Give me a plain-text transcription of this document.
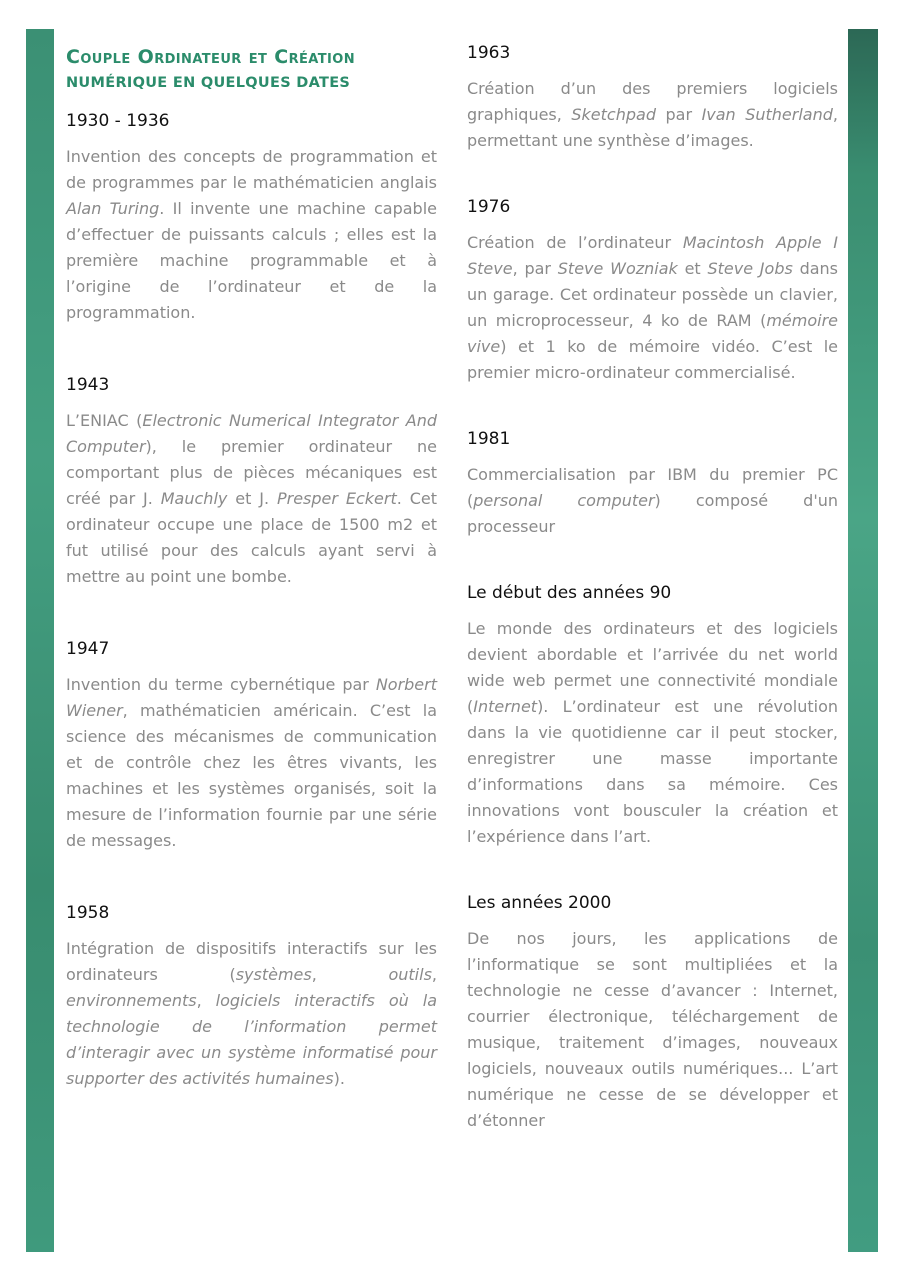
Couple Ordinateur et Création
NUMÉRIQUE EN QUELQUES DATES
1930 - 1936

Invention des concepts de programmation et de programmes par le mathématicien anglais Alan Turing. Il invente une machine capable d’effectuer de puissants calculs ; elles est la première machine programmable et à l’origine de l’ordinateur et de la programmation.

1943

L’ENIAC (Electronic Numerical Integrator And Computer), le premier ordinateur ne comportant plus de pièces mécaniques est créé par J. Mauchly et J. Presper Eckert. Cet ordinateur occupe une place de 1500 m2 et fut utilisé pour des calculs ayant servi à mettre au point une bombe.

1947

Invention du terme cybernétique par Norbert Wiener, mathématicien américain. C’est la science des mécanismes de communication et de contrôle chez les êtres vivants, les machines et les systèmes organisés, soit la mesure de l’information fournie par une série de messages.

1958

Intégration de dispositifs interactifs sur les ordinateurs (systèmes, outils, environnements, logiciels interactifs où la technologie de l’information permet d’interagir avec un système informatisé pour supporter des activités humaines).

1963

Création d’un des premiers logiciels graphiques, Sketchpad par Ivan Sutherland, permettant une synthèse d’images.

1976

Création de l’ordinateur Macintosh Apple I Steve, par Steve Wozniak et Steve Jobs dans un garage. Cet ordinateur possède un clavier, un microprocesseur, 4 ko de RAM (mémoire vive) et 1 ko de mémoire vidéo. C’est le premier micro-ordinateur commercialisé.

1981

Commercialisation par IBM du premier PC (personal computer) composé d'un processeur

Le début des années 90

Le monde des ordinateurs et des logiciels devient abordable et l’arrivée du net world wide web permet une connectivité mondiale (Internet). L’ordinateur est une révolution dans la vie quotidienne car il peut stocker, enregistrer une masse importante d’informations dans sa mémoire. Ces innovations vont bousculer la création et l’expérience dans l’art.

Les années 2000

De nos jours, les applications de l’informatique se sont multipliées et la technologie ne cesse d’avancer : Internet, courrier électronique, téléchargement de musique, traitement d’images, nouveaux logiciels, nouveaux outils numériques... L’art numérique ne cesse de se développer et d’étonner
